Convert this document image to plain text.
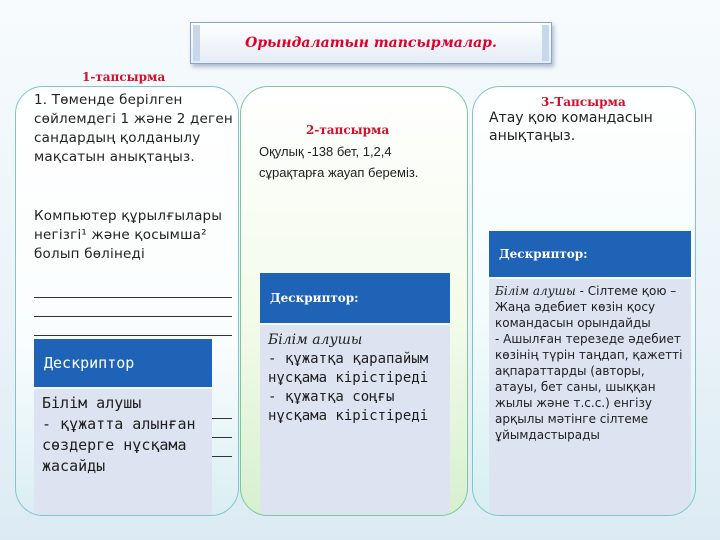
Орындалатын тапсырмалар.
1-тапсырма
1. Төменде берілген сөйлемдегі 1 және 2 деген сандардың қолданылу мақсатын анықтаңыз.
Компьютер құрылғылары негізгі¹ және қосымша² болып бөлінеді
Дескриптор
Білім алушы
- құжатта алынған сөздерге нұсқама жасайды
2-тапсырма
Оқулық -138 бет, 1,2,4 сұрақтарға жауап береміз.
Дескриптор:
Білім алушы
- құжатқа қарапайым нұсқама кірістіреді
- құжатқа соңғы нұсқама кірістіреді
3-Тапсырма
Атау қою командасын анықтаңыз.
Дескриптор:
Білім алушы - Сілтеме қою – Жаңа әдебиет көзін қосу командасын орындайды
- Ашылған терезеде әдебиет көзінің түрін таңдап, қажетті ақпараттарды (авторы, атауы, бет саны, шыққан жылы және т.с.с.) енгізу арқылы мәтінге сілтеме ұйымдастырады
